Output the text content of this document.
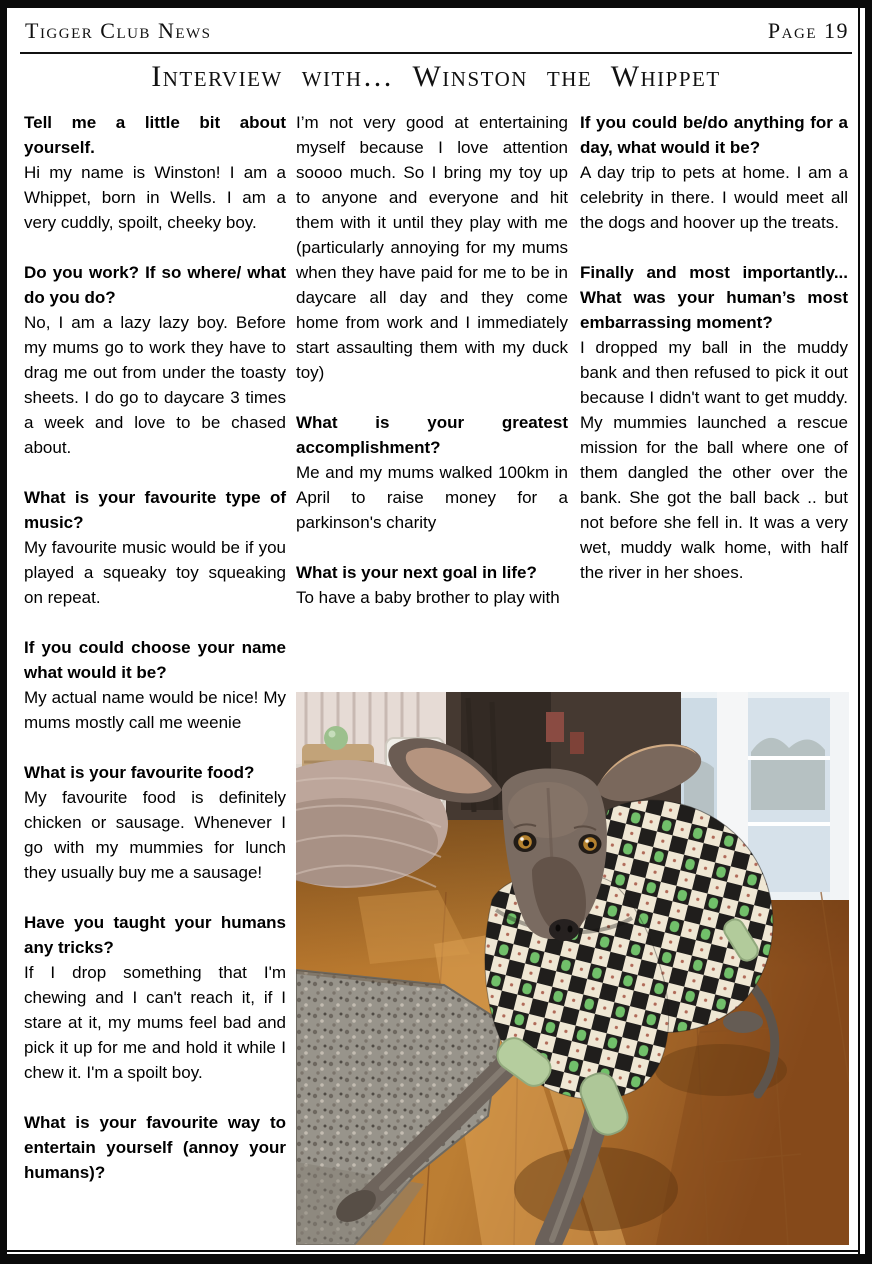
Tigger Club News	Page 19
Interview with… Winston the Whippet

Tell me a little bit about yourself.

Hi my name is Winston! I am a Whippet, born in Wells. I am a very cuddly, spoilt, cheeky boy.

Do you work? If so where/ what do you do?

No, I am a lazy lazy boy. Before my mums go to work they have to drag me out from under the toasty sheets. I do go to daycare 3 times a week and love to be chased about.

What is your favourite type of music?

My favourite music would be if you played a squeaky toy squeaking on repeat.

If you could choose your name what would it be?

My actual name would be nice! My mums mostly call me weenie

What is your favourite food?

My favourite food is definitely chicken or sausage. Whenever I go with my mummies for lunch they usually buy me a sausage!

Have you taught your humans any tricks?

If I drop something that I'm chewing and I can't reach it, if I stare at it, my mums feel bad and pick it up for me and hold it while I chew it. I'm a spoilt boy.

What is your favourite way to entertain yourself (annoy your humans)?

I’m not very good at entertaining myself because I love attention soooo much. So I bring my toy up to anyone and everyone and hit them with it until they play with me (particularly annoying for my mums when they have paid for me to be in daycare all day and they come home from work and I immediately start assaulting them with my duck toy)

What is your greatest accomplishment?

Me and my mums walked 100km in April to raise money for a parkinson's charity

What is your next goal in life?

To have a baby brother to play with

If you could be/do anything for a day, what would it be?

A day trip to pets at home. I am a celebrity in there. I would meet all the dogs and hoover up the treats.

Finally and most importantly... What was your human’s most embarrassing moment?

I dropped my ball in the muddy bank and then refused to pick it out because I didn't want to get muddy. My mummies launched a rescue mission for the ball where one of them dangled the other over the bank. She got the ball back .. but not before she fell in. It was a very wet, muddy walk home, with half the river in her shoes.
